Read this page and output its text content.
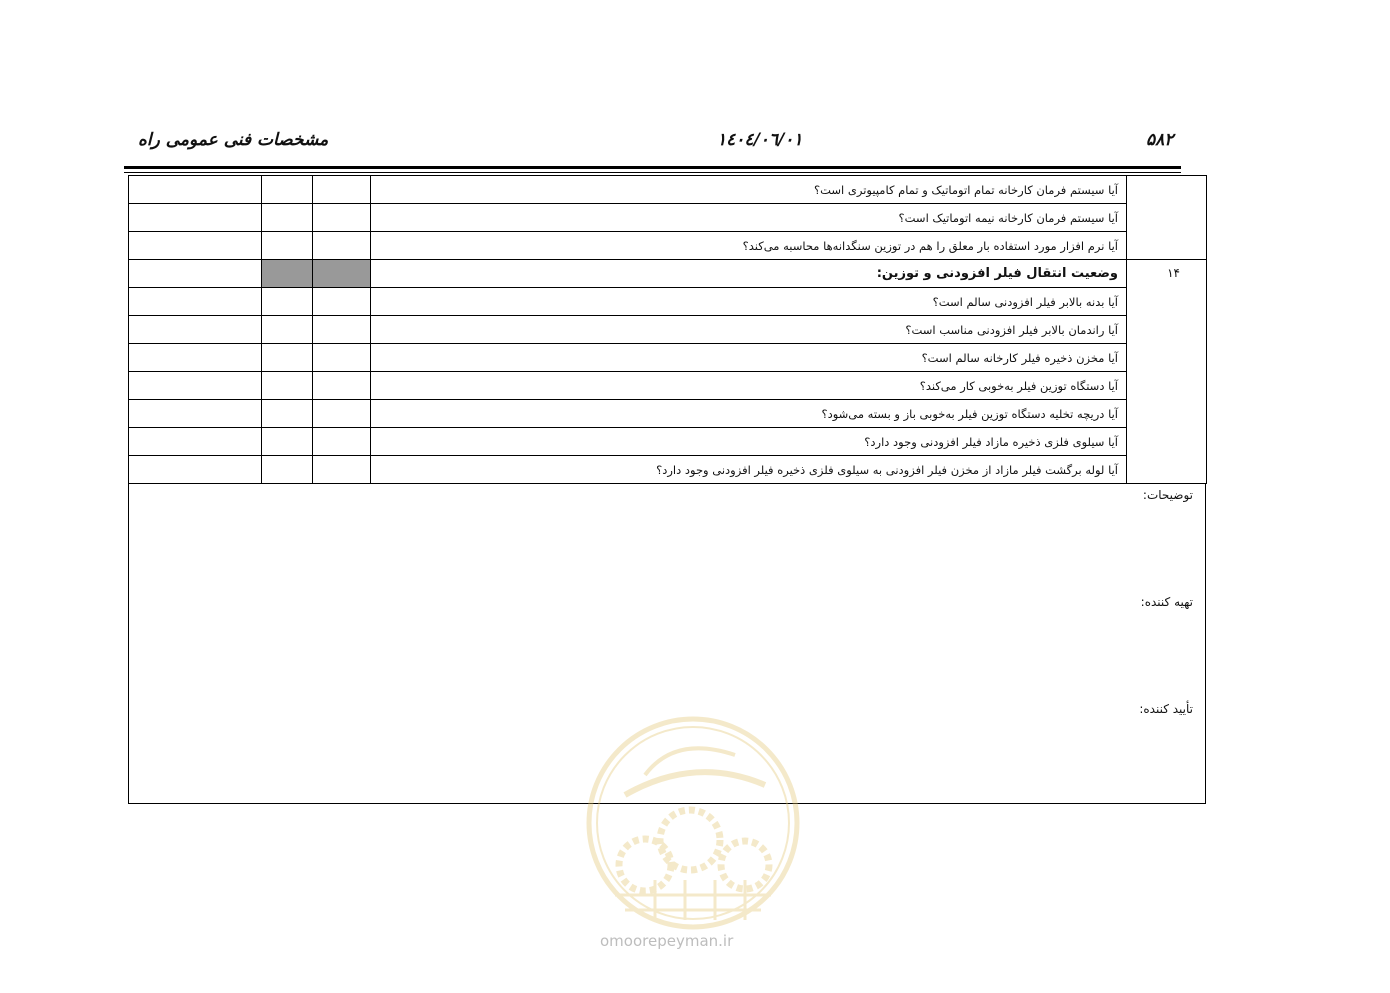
۵۸۲
۱٤۰٤/۰٦/۰۱
مشخصات فنی عمومی راه
			آیا سیستم فرمان کارخانه تمام اتوماتیک و تمام کامپیوتری است؟	
			آیا سیستم فرمان کارخانه نیمه اتوماتیک است؟	
			آیا نرم افزار مورد استفاده بار معلق را هم در توزین سنگدانه‌ها محاسبه می‌کند؟	
			وضعیت انتقال فیلر افزودنی و توزین:	۱۴
			آیا بدنه بالابر فیلر افزودنی سالم است؟	
			آیا راندمان بالابر فیلر افزودنی مناسب است؟	
			آیا مخزن ذخیره فیلر کارخانه سالم است؟	
			آیا دستگاه توزین فیلر به‌خوبی کار می‌کند؟	
			آیا دریچه تخلیه دستگاه توزین فیلر به‌خوبی باز و بسته می‌شود؟	
			آیا سیلوی فلزی ذخیره مازاد فیلر افزودنی وجود دارد؟	
			آیا لوله برگشت فیلر مازاد از مخزن فیلر افزودنی به سیلوی فلزی ذخیره فیلر افزودنی وجود دارد؟	
توضیحات:
تهیه کننده:
تأیید کننده:
omoorepeyman.ir
